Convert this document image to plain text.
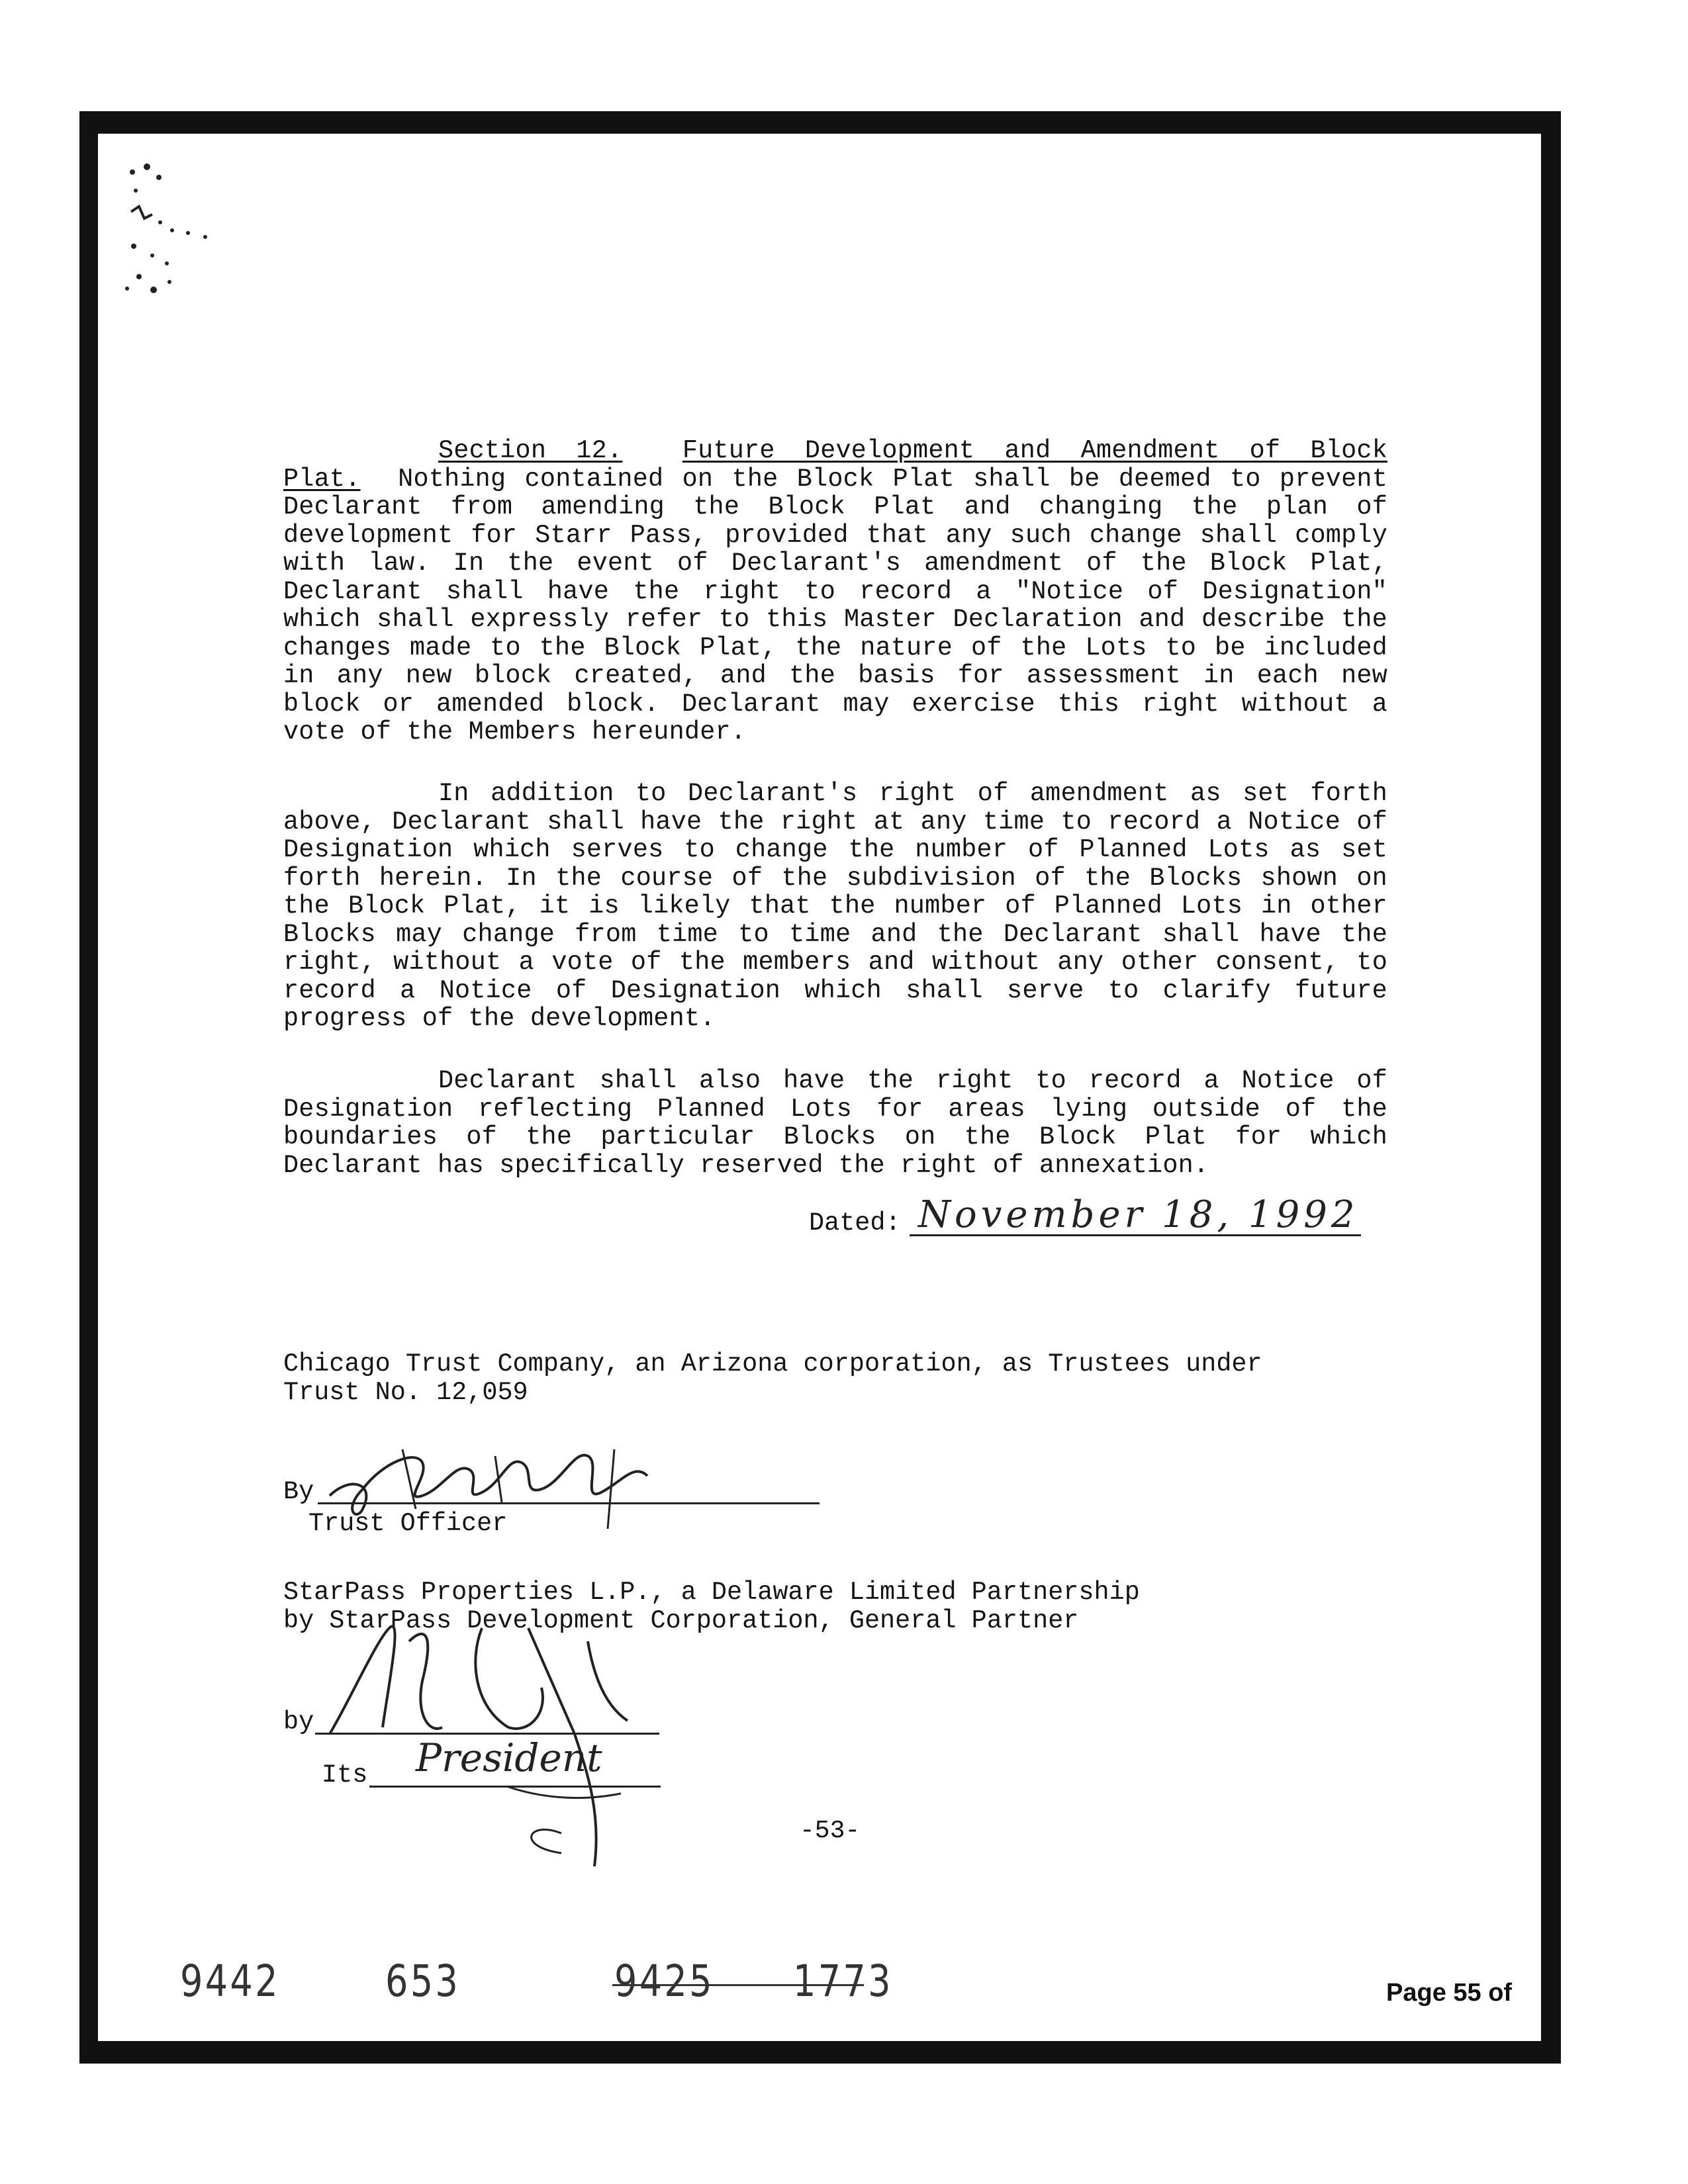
Section 12. Future Development and Amendment of Block Plat. Nothing contained on the Block Plat shall be deemed to prevent Declarant from amending the Block Plat and changing the plan of development for Starr Pass, provided that any such change shall comply with law. In the event of Declarant's amendment of the Block Plat, Declarant shall have the right to record a "Notice of Designation" which shall expressly refer to this Master Declaration and describe the changes made to the Block Plat, the nature of the Lots to be included in any new block created, and the basis for assessment in each new block or amended block. Declarant may exercise this right without a vote of the Members hereunder.

In addition to Declarant's right of amendment as set forth above, Declarant shall have the right at any time to record a Notice of Designation which serves to change the number of Planned Lots as set forth herein. In the course of the subdivision of the Blocks shown on the Block Plat, it is likely that the number of Planned Lots in other Blocks may change from time to time and the Declarant shall have the right, without a vote of the members and without any other consent, to record a Notice of Designation which shall serve to clarify future progress of the development.

Declarant shall also have the right to record a Notice of Designation reflecting Planned Lots for areas lying outside of the boundaries of the particular Blocks on the Block Plat for which Declarant has specifically reserved the right of annexation.

Dated: November 18, 1992
Chicago Trust Company, an Arizona corporation, as Trustees under
Trust No. 12,059
By
Trust Officer
StarPass Properties L.P., a Delaware Limited Partnership
by StarPass Development Corporation, General Partner
by
Its President
-53-
9442 653	9425 1773	Page 55 of
